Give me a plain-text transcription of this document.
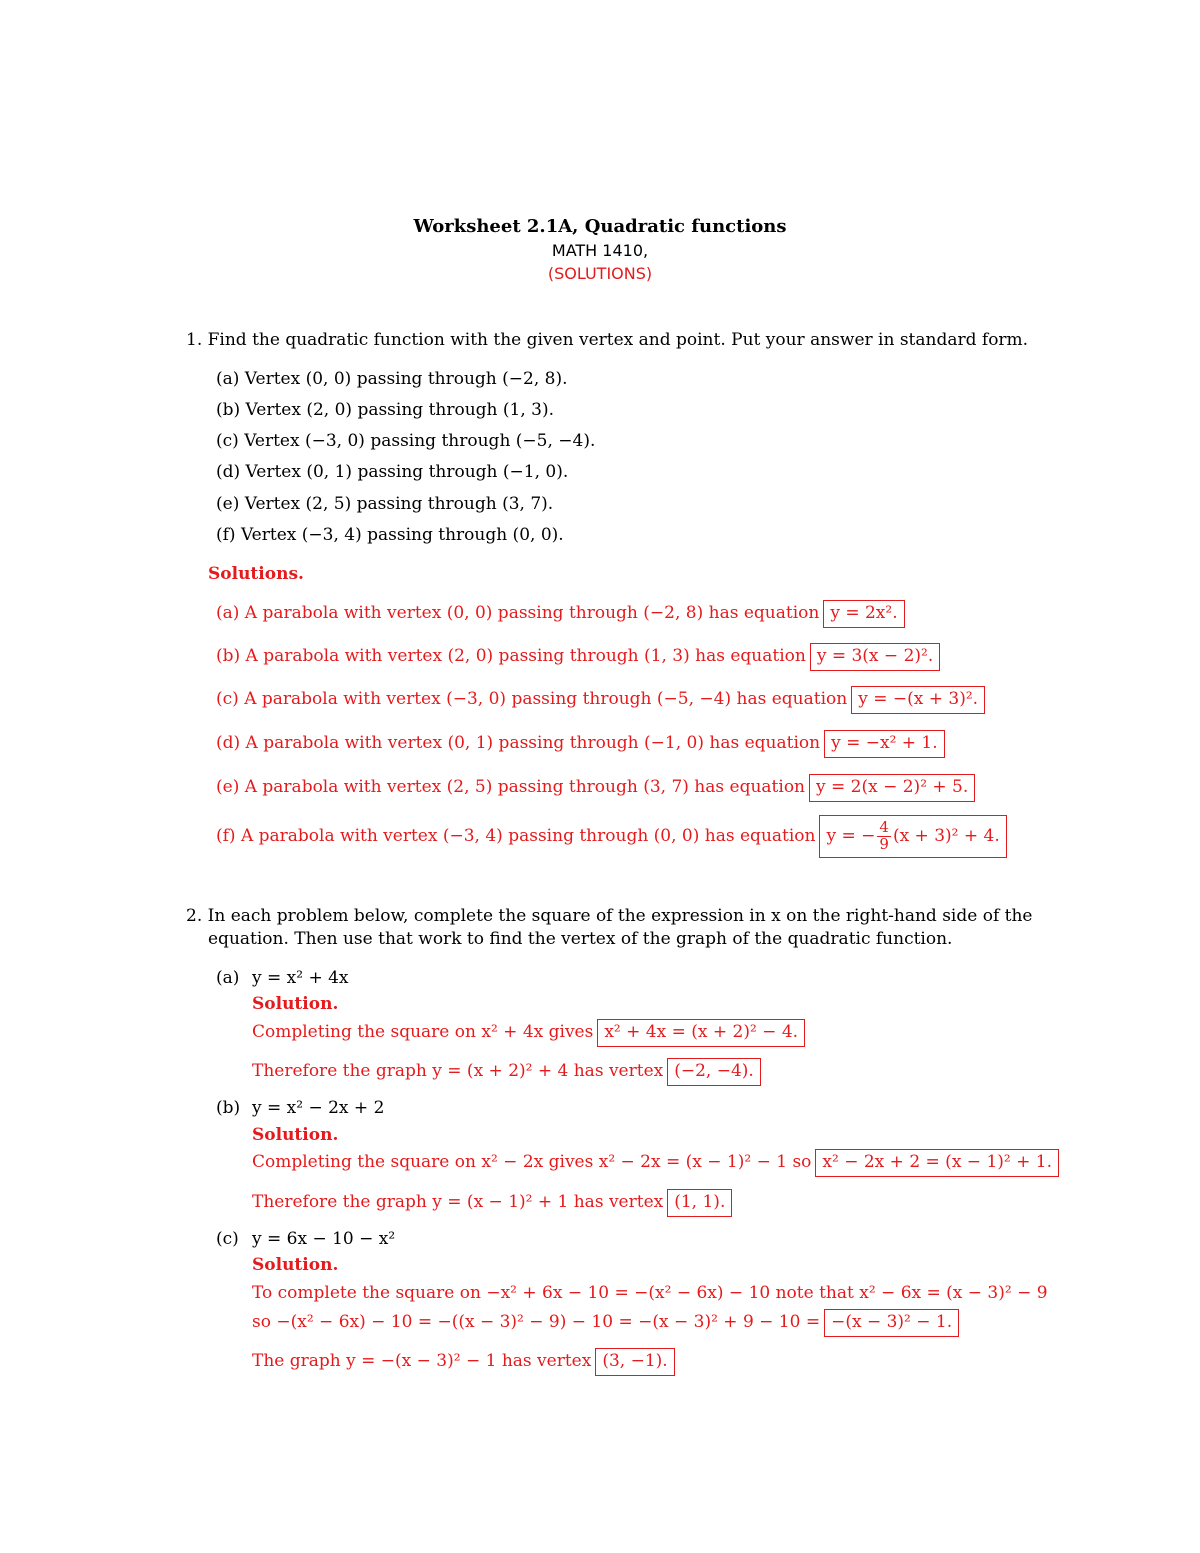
Worksheet 2.1A, Quadratic functions
MATH 1410,
(SOLUTIONS)
1. Find the quadratic function with the given vertex and point. Put your answer in standard form.
(a) Vertex (0, 0) passing through (−2, 8).
(b) Vertex (2, 0) passing through (1, 3).
(c) Vertex (−3, 0) passing through (−5, −4).
(d) Vertex (0, 1) passing through (−1, 0).
(e) Vertex (2, 5) passing through (3, 7).
(f) Vertex (−3, 4) passing through (0, 0).
Solutions.
(a) A parabola with vertex (0, 0) passing through (−2, 8) has equation y = 2x².
(b) A parabola with vertex (2, 0) passing through (1, 3) has equation y = 3(x − 2)².
(c) A parabola with vertex (−3, 0) passing through (−5, −4) has equation y = −(x + 3)².
(d) A parabola with vertex (0, 1) passing through (−1, 0) has equation y = −x² + 1.
(e) A parabola with vertex (2, 5) passing through (3, 7) has equation y = 2(x − 2)² + 5.
(f) A parabola with vertex (−3, 4) passing through (0, 0) has equation y = − $\frac{4}{9} (x + 3)^2 + 4$.
2. In each problem below, complete the square of the expression in x on the right-hand side of the
equation. Then use that work to find the vertex of the graph of the quadratic function.
(a) y = x² + 4x
Solution.
Completing the square on x² + 4x gives x² + 4x = (x + 2)² − 4.
Therefore the graph y = (x + 2)² + 4 has vertex (−2, −4).
(b) y = x² − 2x + 2
Solution.
Completing the square on x² − 2x gives x² − 2x = (x − 1)² − 1 so x² − 2x + 2 = (x − 1)² + 1.
Therefore the graph y = (x − 1)² + 1 has vertex (1, 1).
(c) y = 6x − 10 − x²
Solution.
To complete the square on −x² + 6x − 10 = −(x² − 6x) − 10 note that x² − 6x = (x − 3)² − 9
so −(x² − 6x) − 10 = −((x − 3)² − 9) − 10 = −(x − 3)² + 9 − 10 = −(x − 3)² − 1.
The graph y = −(x − 3)² − 1 has vertex (3, −1).
